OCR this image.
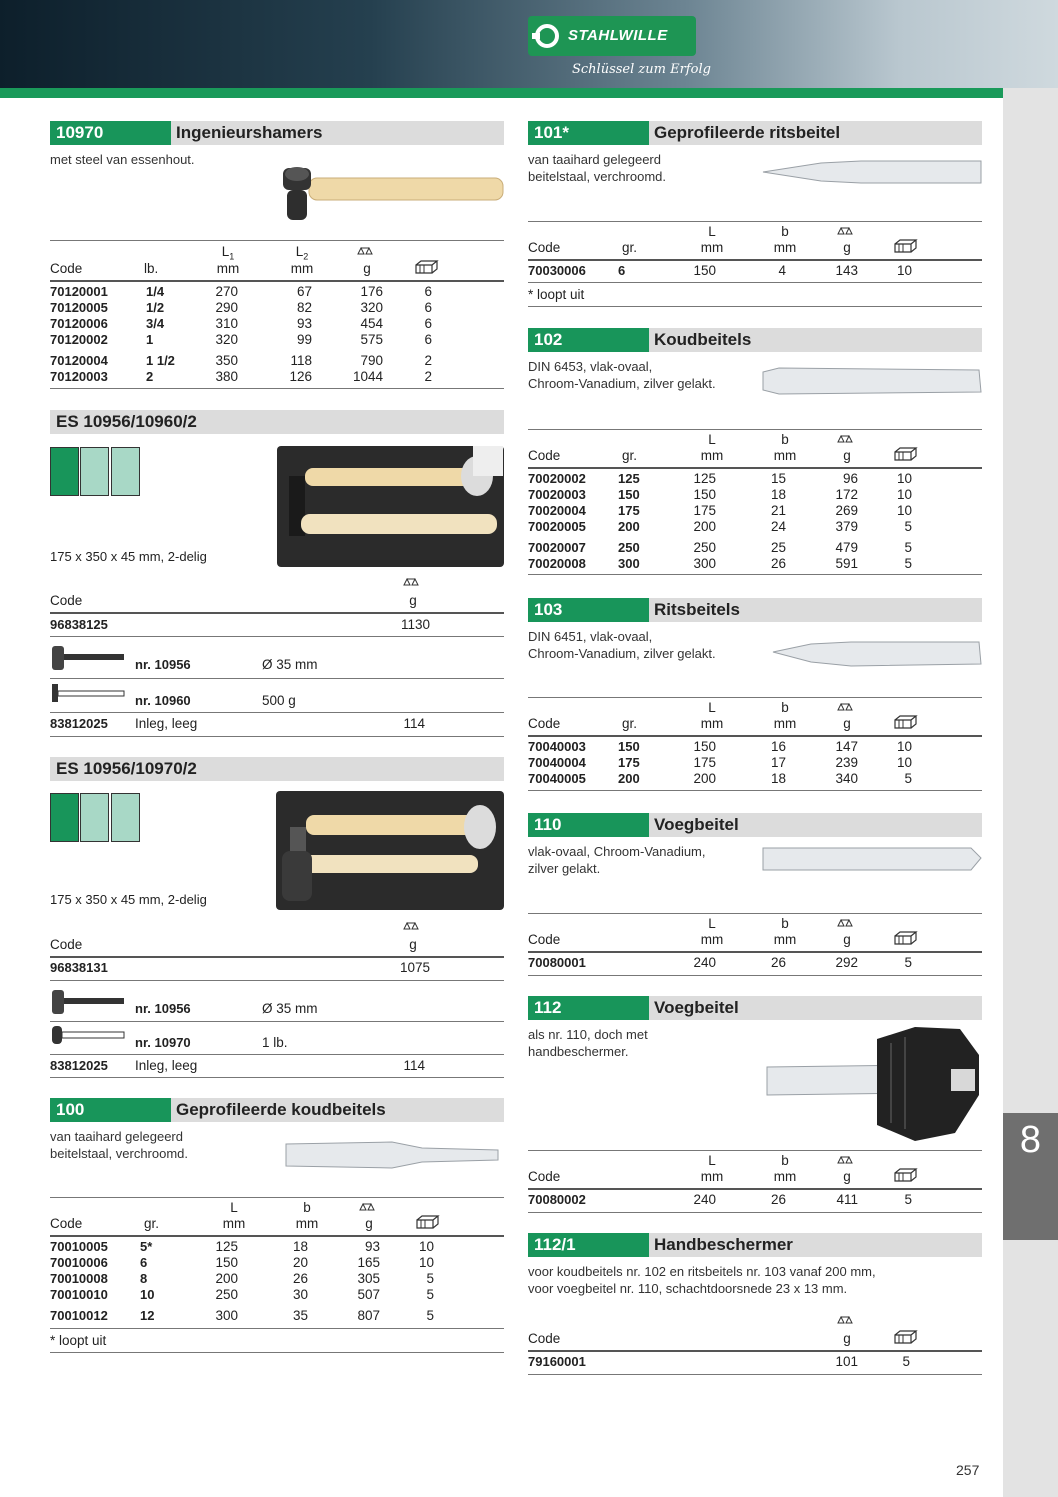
STAHLWILLE
Schlüssel zum Erfolg
8
257
10970	Ingenieurshamers
met steel van essenhout.
$L_1$	$L_2$
Code	lb.	mm	mm	g
70120001	1/4	270	67	176	6
70120005	1/2	290	82	320	6
70120006	3/4	310	93	454	6
70120002	1	320	99	575	6
70120004	1 1/2	350	118	790	2
70120003	2	380	126	1044	2
ES 10956/10960/2
175 x 350 x 45 mm, 2-delig
Code	g
96838125	1130
nr. 10956	Ø 35 mm
nr. 10960	500 g
83812025 Inleg, leeg	114
ES 10956/10970/2
175 x 350 x 45 mm, 2-delig
Code	g
96838131	1075
nr. 10956	Ø 35 mm
nr. 10970	1 lb.
83812025 Inleg, leeg	114
100	Geprofileerde koudbeitels
van taaihard gelegeerd
beitelstaal, verchroomd.
L	b
Code	gr.	mm	mm	g
70010005 5*	125	18	93	10
70010006 6	150	20	165	10
70010008 8	200	26	305	5
70010010 10	250	30	507	5
70010012 12	300	35	807	5
* loopt uit
101*	Geprofileerde ritsbeitel
van taaihard gelegeerd
beitelstaal, verchroomd.
L	b
Code	gr.	mm	mm	g
70030006 6	150	4	143	10
* loopt uit
102	Koudbeitels
DIN 6453, vlak-ovaal,
Chroom-Vanadium, zilver gelakt.
L	b
Code	gr.	mm	mm	g
70020002 125	125	15	96	10
70020003 150	150	18	172	10
70020004 175	175	21	269	10
70020005 200	200	24	379	5
70020007 250	250	25	479	5
70020008 300	300	26	591	5
103	Ritsbeitels
DIN 6451, vlak-ovaal,
Chroom-Vanadium, zilver gelakt.
L	b
Code	gr.	mm	mm	g
70040003 150	150	16	147	10
70040004 175	175	17	239	10
70040005 200	200	18	340	5
110	Voegbeitel
vlak-ovaal, Chroom-Vanadium,
zilver gelakt.
L	b
Code	mm	mm	g
70080001	240	26	292	5
112	Voegbeitel
als nr. 110, doch met
handbeschermer.
L	b
Code	mm	mm	g
70080002	240	26	411	5
112/1	Handbeschermer
voor koudbeitels nr. 102 en ritsbeitels nr. 103 vanaf 200 mm,
voor voegbeitel nr. 110, schachtdoorsnede 23 x 13 mm.
Code	g
79160001	101	5
